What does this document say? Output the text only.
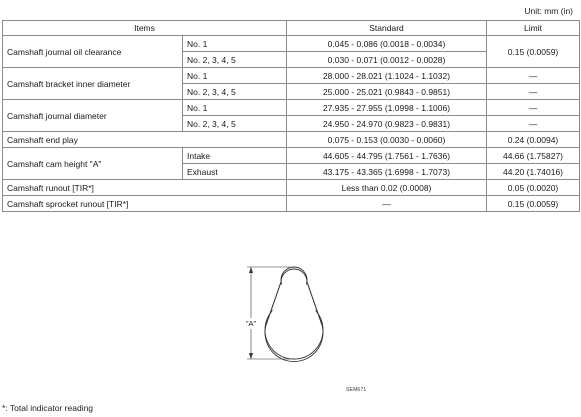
Unit: mm (in)
Items		Standard	Limit
Camshaft journal oil clearance	No. 1	0.045 - 0.086 (0.0018 - 0.0034)	0.15 (0.0059)
	No. 2, 3, 4, 5	0.030 - 0.071 (0.0012 - 0.0028)	
Camshaft bracket inner diameter	No. 1	28.000 - 28.021 (1.1024 - 1.1032)	—
	No. 2, 3, 4, 5	25.000 - 25.021 (0.9843 - 0.9851)	—
Camshaft journal diameter	No. 1	27.935 - 27.955 (1.0998 - 1.1006)	—
	No. 2, 3, 4, 5	24.950 - 24.970 (0.9823 - 0.9831)	—
Camshaft end play		0.075 - 0.153 (0.0030 - 0.0060)	0.24 (0.0094)
Camshaft cam height "A"	Intake	44.605 - 44.795 (1.7561 - 1.7636)	44.66 (1.75827)
	Exhaust	43.175 - 43.365 (1.6998 - 1.7073)	44.20 (1.74016)
Camshaft runout [TIR*]		Less than 0.02 (0.0008)	0.05 (0.0020)
Camshaft sprocket runout [TIR*]		—	0.15 (0.0059)
"A"
SEM671
*: Total indicator reading
